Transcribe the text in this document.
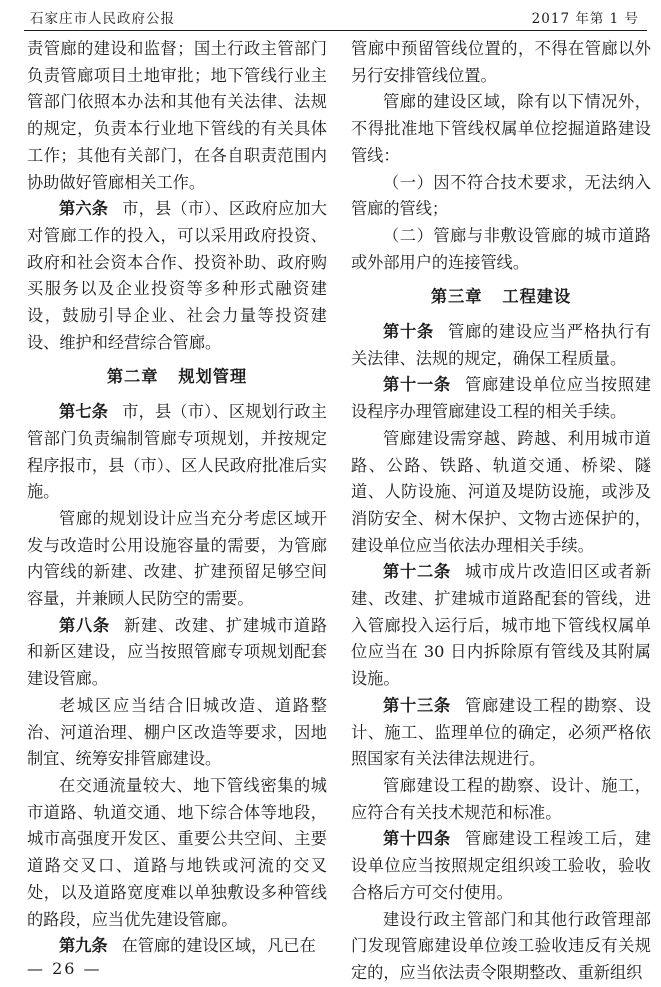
石家庄市人民政府公报	2017 年第 1 号

责管廊的建设和监督；国土行政主管部门负责管廊项目土地审批；地下管线行业主管部门依照本办法和其他有关法律、法规的规定，负责本行业地下管线的有关具体工作；其他有关部门，在各自职责范围内协助做好管廊相关工作。

第六条 市，县（市）、区政府应加大对管廊工作的投入，可以采用政府投资、政府和社会资本合作、投资补助、政府购买服务以及企业投资等多种形式融资建设，鼓励引导企业、社会力量等投资建设、维护和经营综合管廊。

第二章 规划管理

第七条 市，县（市）、区规划行政主管部门负责编制管廊专项规划，并按规定程序报市，县（市）、区人民政府批准后实施。

管廊的规划设计应当充分考虑区域开发与改造时公用设施容量的需要，为管廊内管线的新建、改建、扩建预留足够空间容量，并兼顾人民防空的需要。

第八条 新建、改建、扩建城市道路和新区建设，应当按照管廊专项规划配套建设管廊。

老城区应当结合旧城改造、道路整治、河道治理、棚户区改造等要求，因地制宜、统筹安排管廊建设。

在交通流量较大、地下管线密集的城市道路、轨道交通、地下综合体等地段，城市高强度开发区、重要公共空间、主要道路交叉口、道路与地铁或河流的交叉处，以及道路宽度难以单独敷设多种管线的路段，应当优先建设管廊。

第九条 在管廊的建设区域，凡已在

管廊中预留管线位置的，不得在管廊以外另行安排管线位置。

管廊的建设区域，除有以下情况外，不得批准地下管线权属单位挖掘道路建设管线：

（一）因不符合技术要求，无法纳入管廊的管线；

（二）管廊与非敷设管廊的城市道路或外部用户的连接管线。

第三章 工程建设

第十条 管廊的建设应当严格执行有关法律、法规的规定，确保工程质量。

第十一条 管廊建设单位应当按照建设程序办理管廊建设工程的相关手续。

管廊建设需穿越、跨越、利用城市道路、公路、铁路、轨道交通、桥梁、隧道、人防设施、河道及堤防设施，或涉及消防安全、树木保护、文物古迹保护的，建设单位应当依法办理相关手续。

第十二条 城市成片改造旧区或者新建、改建、扩建城市道路配套的管线，进入管廊投入运行后，城市地下管线权属单位应当在 30 日内拆除原有管线及其附属设施。

第十三条 管廊建设工程的勘察、设计、施工、监理单位的确定，必须严格依照国家有关法律法规进行。

管廊建设工程的勘察、设计、施工，应符合有关技术规范和标准。

第十四条 管廊建设工程竣工后，建设单位应当按照规定组织竣工验收，验收合格后方可交付使用。

建设行政主管部门和其他行政管理部门发现管廊建设单位竣工验收违反有关规定的，应当依法责令限期整改、重新组织

— 26 —
